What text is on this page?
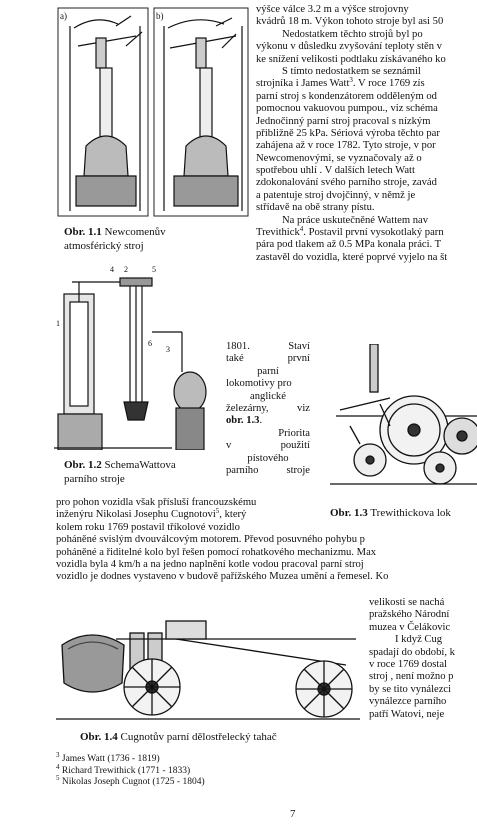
a)	b)
Obr. 1.1 Newcomenův
atmosférický stroj
4 2	5
1
6
3
Obr. 1.2 SchemaWattova
parního stroje
výšce válce 3.2 m a výšce strojovny
kvádrů 18 m. Výkon tohoto stroje byl asi 50
Nedostatkem těchto strojů byl po
výkonu v důsledku zvyšování teploty stěn v
ke snížení velikosti podtlaku získávaného ko
S tímto nedostatkem se seznámil
strojníka i James Watt$^3$. V roce 1769 zís
parní stroj s kondenzátorem odděleným od
pomocnou vakuovou pumpou., viz schéma
Jednočinný parní stroj pracoval s nízkým
přibližně 25 kPa. Sériová výroba těchto par
zahájena až v roce 1782. Tyto stroje, v por
Newcomenovými, se vyznačovaly až o
spotřebou uhlí . V dalších letech Watt
zdokonalování svého parního stroje, zavád
a patentuje stroj dvojčinný, v němž je
střídavě na obě strany pístu.
Na práce uskutečněné Wattem nav
Trevithick$^4$. Postavil první vysokotlaký parn
pára pod tlakem až 0.5 MPa konala práci. T
zastavěl do vozidla, které poprvé vyjelo na št
1801.	Staví
také	první
parní
lokomotivy pro
anglické
železárny,	viz
obr. 1.3.
Priorita
v	použití
pístového
parního	stroje
Obr. 1.3 Trewithickova lok
pro pohon vozidla však přísluší francouzskému
inženýru Nikolasi Josephu Cugnotovi$^5$, který
kolem roku 1769 postavil tříkolové vozidlo
poháněné svislým dvouválcovým motorem. Převod posuvného pohybu p
poháněné a řiditelné kolo byl řešen pomocí rohatkového mechanizmu. Max
vozidla byla 4 km/h a na jedno naplnění kotle vodou pracoval parní stroj
vozidlo je dodnes vystaveno v budově pařížského Muzea umění a řemesel. Ko
Obr. 1.4 Cugnotův parní dělostřelecký tahač
velikosti se nachá
pražského Národní
muzea v Čelákovic
I když Cug
spadají do období, k
v roce 1769 dostal
stroj , není možno p
by se tito vynálezci
vynálezce parního
patří Watovi, neje
$^3$ James Watt (1736 - 1819)
$^4$ Richard Trewithick (1771 - 1833)
$^5$ Nikolas Joseph Cugnot (1725 - 1804)
7
